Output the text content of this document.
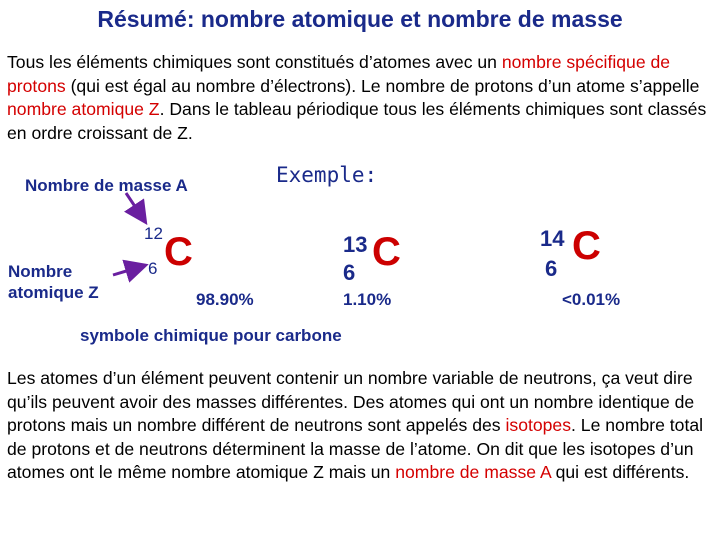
Résumé: nombre atomique et nombre de masse
Tous les éléments chimiques sont constitués d’atomes avec un nombre spécifique de protons (qui est égal au nombre d’électrons). Le nombre de protons d’un atome s’appelle nombre atomique Z. Dans le tableau périodique tous les éléments chimiques sont classés en ordre croissant de Z.
Nombre de masse A	Exemple:
Nombre
atomique Z
12
6 C
98.90%
13
6 C
1.10%
14
6
C
<0.01%
symbole chimique pour carbone
Les atomes d’un élément peuvent contenir un nombre variable de neutrons, ça veut dire qu’ils peuvent avoir des masses différentes. Des atomes qui ont un nombre identique de protons mais un nombre différent de neutrons sont appelés des isotopes. Le nombre total de protons et de neutrons déterminent la masse de l’atome. On dit que les isotopes d’un atomes ont le même nombre atomique Z mais un nombre de masse A qui est différents.
